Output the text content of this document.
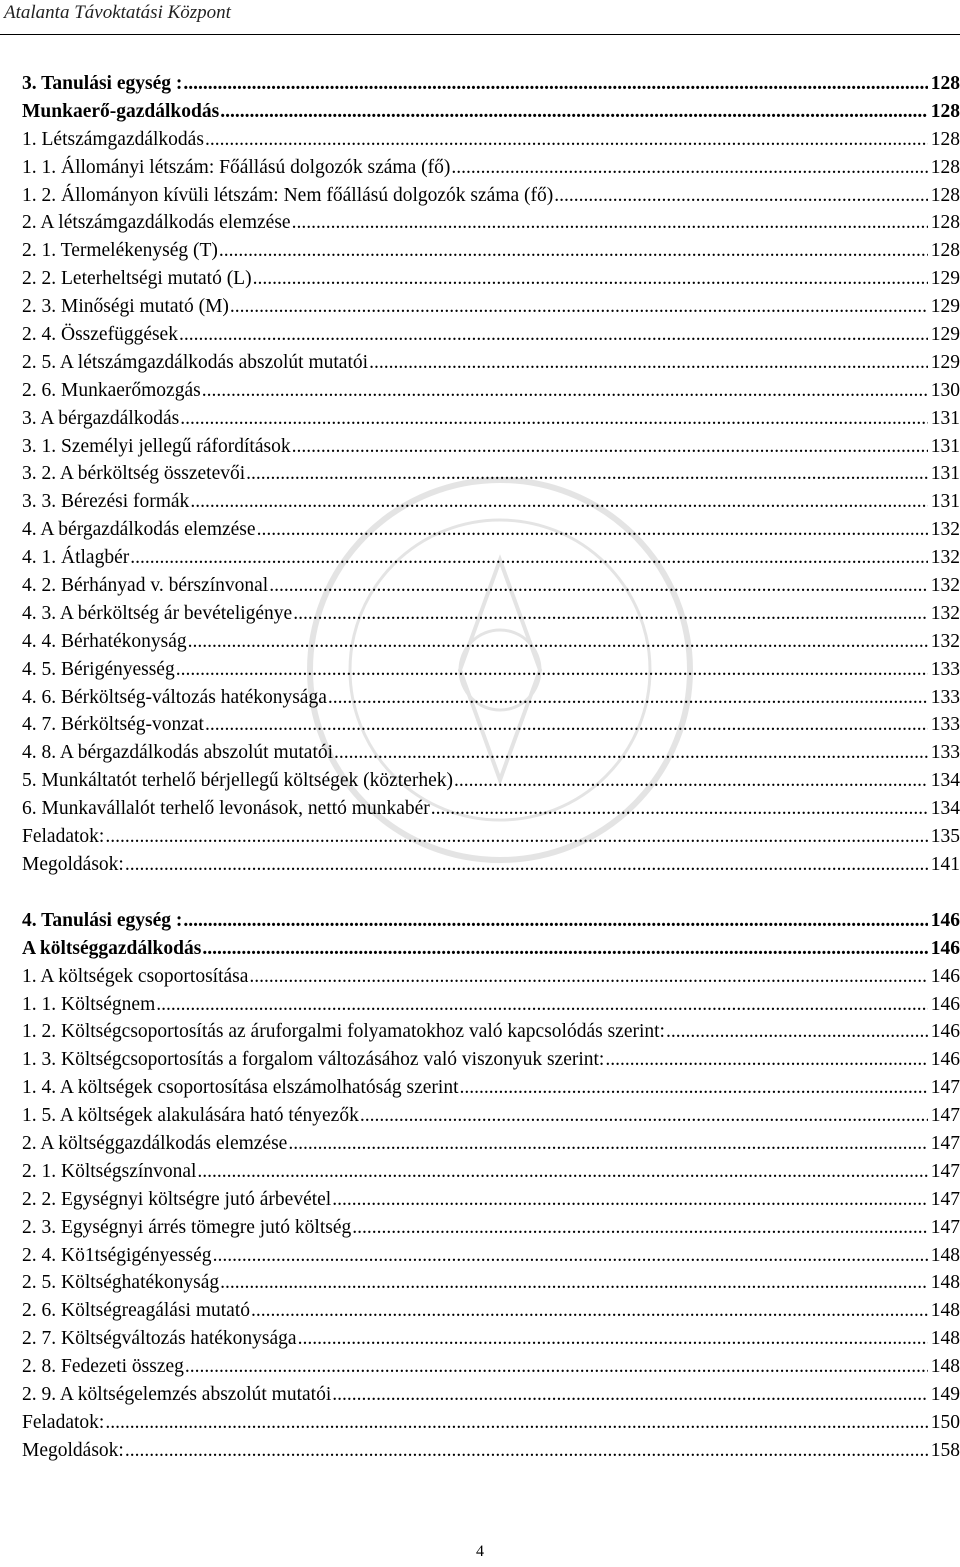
Atalanta Távoktatási Központ
3. Tanulási egység : .....	128
Munkaerő-gazdálkodás .....	128
1. Létszámgazdálkodás .....	128
1. 1. Állományi létszám: Főállású dolgozók száma (fő) .....	128
1. 2. Állományon kívüli létszám: Nem főállású dolgozók száma (fő) .....	128
2. A létszámgazdálkodás elemzése .....	128
2. 1. Termelékenység (T) .....	128
2. 2. Leterheltségi mutató (L) .....	129
2. 3. Minőségi mutató (M) .....	129
2. 4. Összefüggések .....	129
2. 5. A létszámgazdálkodás abszolút mutatói .....	129
2. 6. Munkaerőmozgás .....	130
3. A bérgazdálkodás .....	131
3. 1. Személyi jellegű ráfordítások .....	131
3. 2. A bérköltség összetevői .....	131
3. 3. Bérezési formák .....	131
4. A bérgazdálkodás elemzése .....	132
4. 1. Átlagbér .....	132
4. 2. Bérhányad v. bérszínvonal .....	132
4. 3. A bérköltség ár bevételigénye .....	132
4. 4. Bérhatékonyság .....	132
4. 5. Bérigényesség .....	133
4. 6. Bérköltség-változás hatékonysága .....	133
4. 7. Bérköltség-vonzat .....	133
4. 8. A bérgazdálkodás abszolút mutatói .....	133
5. Munkáltatót terhelő bérjellegű költségek (közterhek) .....	134
6. Munkavállalót terhelő levonások, nettó munkabér .....	134
Feladatok: .....	135
Megoldások: .....	141
4. Tanulási egység : .....	146
A költséggazdálkodás .....	146
1. A költségek csoportosítása .....	146
1. 1. Költségnem .....	146
1. 2. Költségcsoportosítás az áruforgalmi folyamatokhoz való kapcsolódás szerint: .....	146
1. 3. Költségcsoportosítás a forgalom változásához való viszonyuk szerint: .....	146
1. 4. A költségek csoportosítása elszámolhatóság szerint .....	147
1. 5. A költségek alakulására ható tényezők .....	147
2. A költséggazdálkodás elemzése .....	147
2. 1. Költségszínvonal .....	147
2. 2. Egységnyi költségre jutó árbevétel .....	147
2. 3. Egységnyi árrés tömegre jutó költség .....	147
2. 4. Kö1tségigényesség .....	148
2. 5. Költséghatékonyság .....	148
2. 6. Költségreagálási mutató .....	148
2. 7. Költségváltozás hatékonysága .....	148
2. 8. Fedezeti összeg .....	148
2. 9. A költségelemzés abszolút mutatói .....	149
Feladatok: .....	150
Megoldások: .....	158
4
